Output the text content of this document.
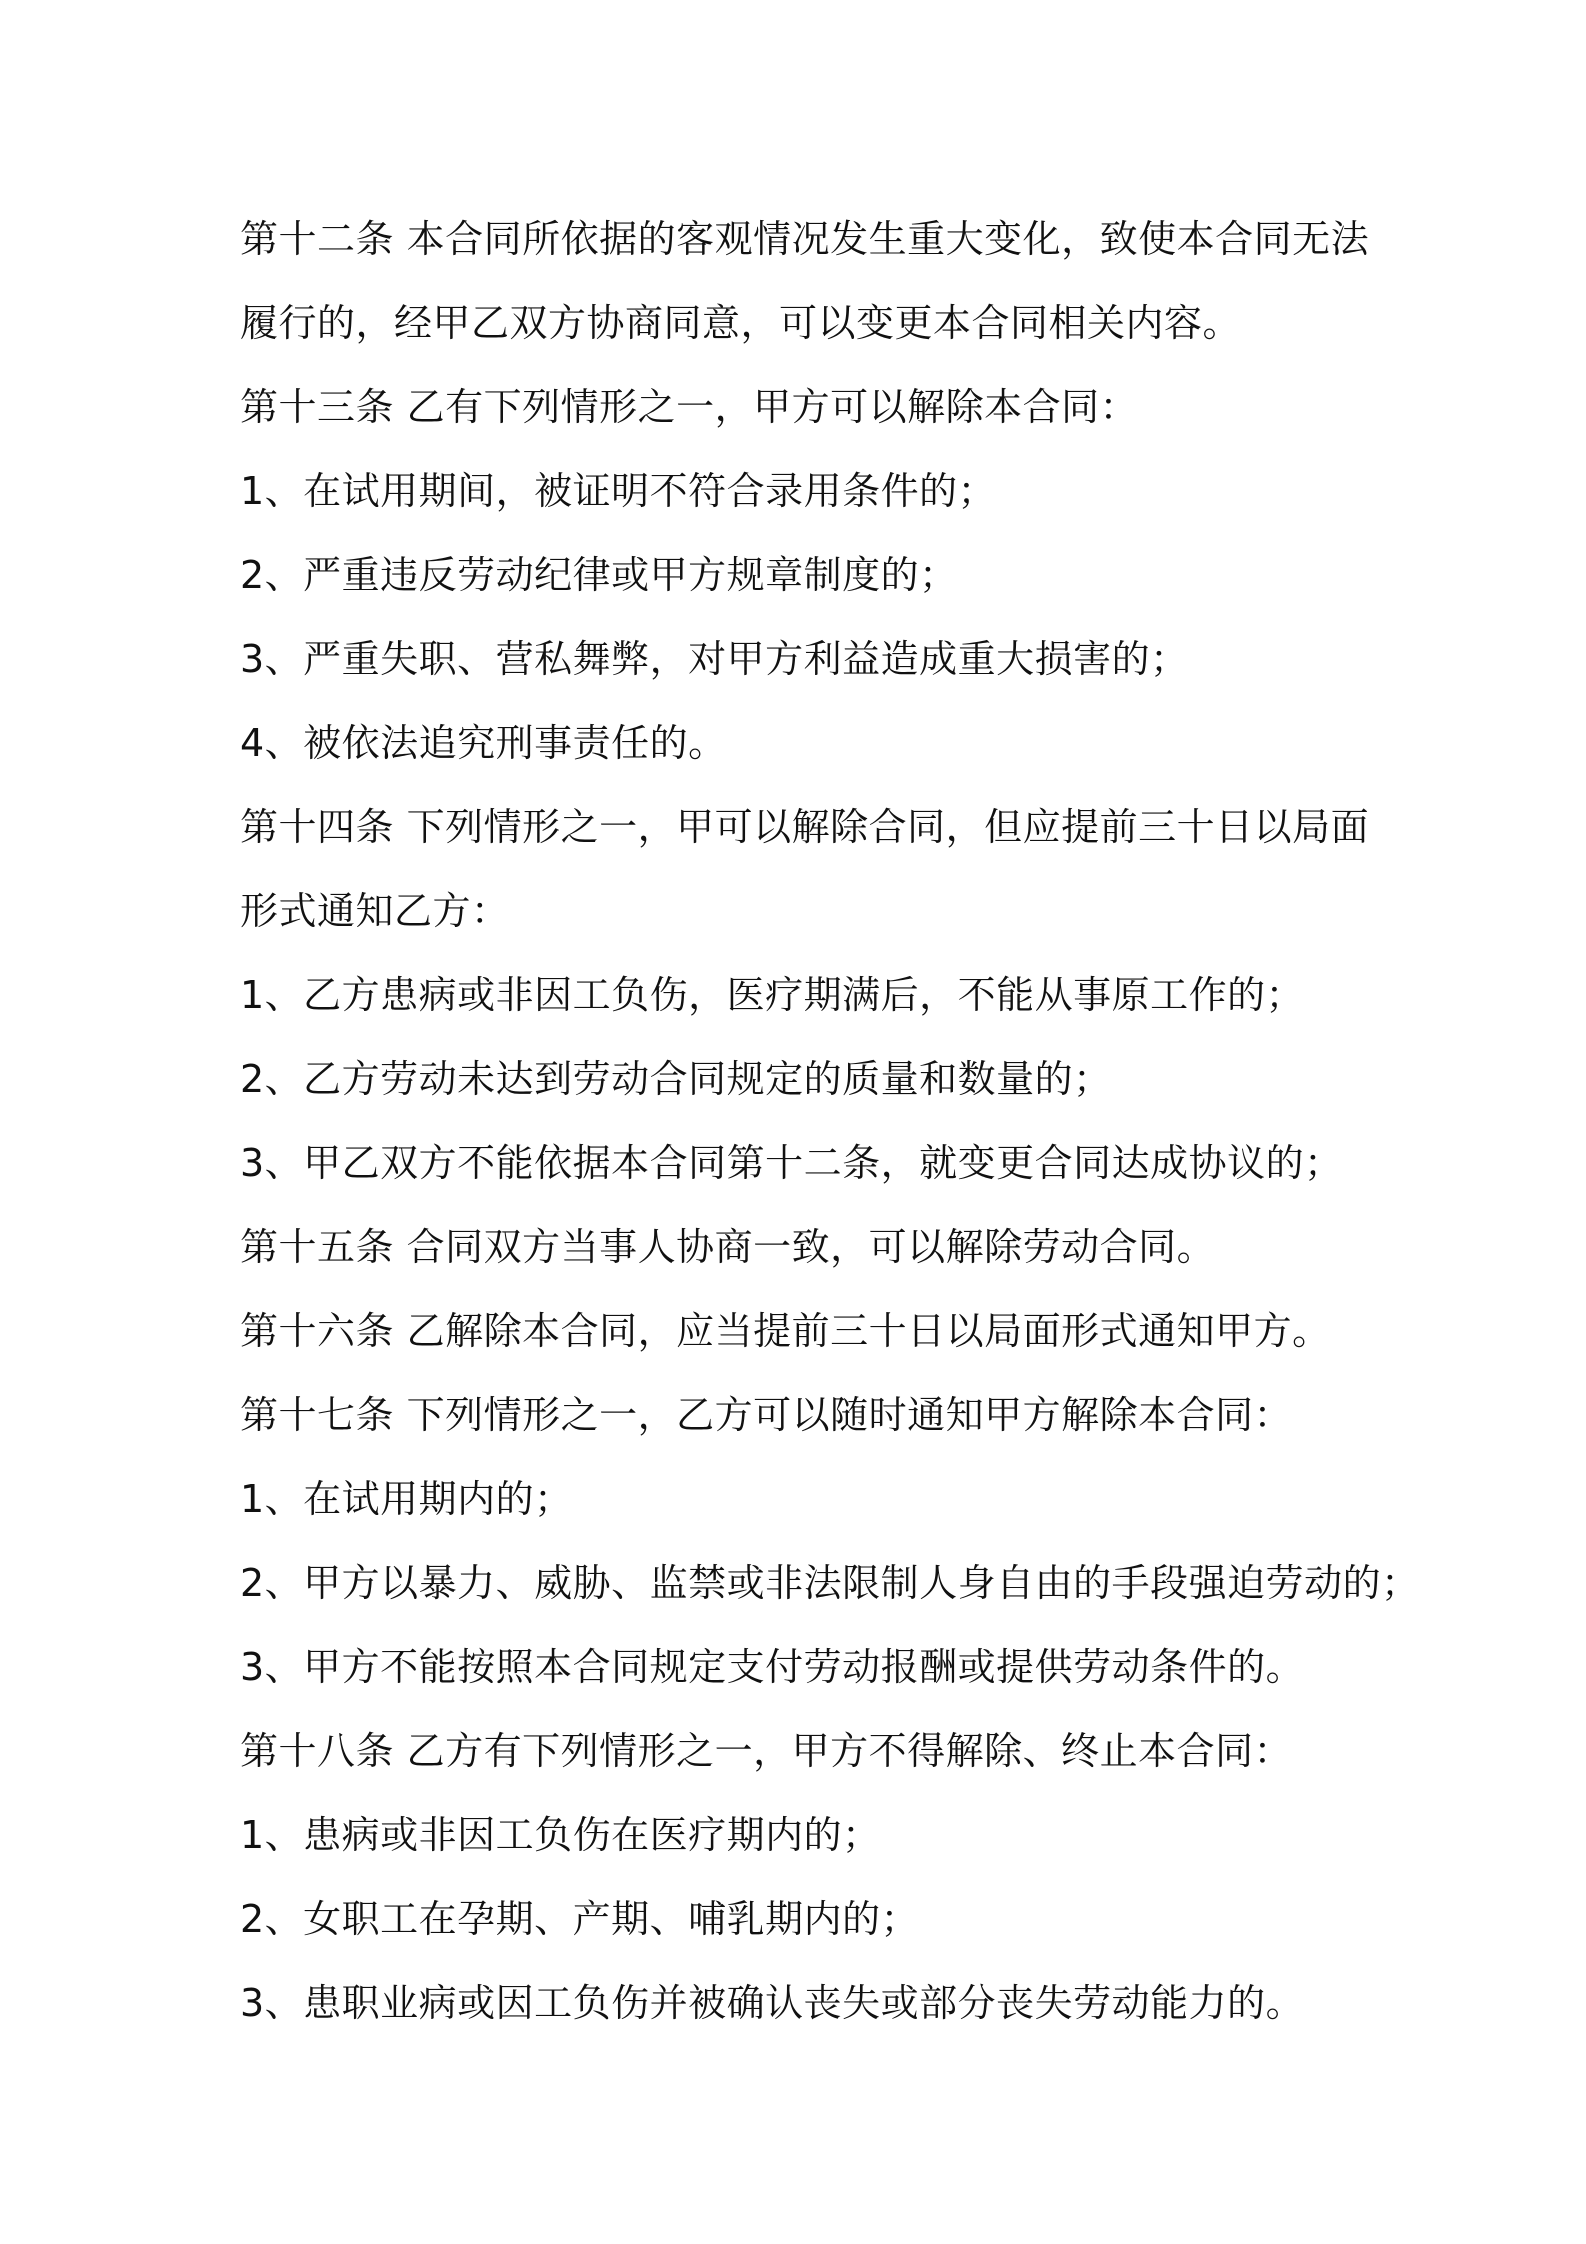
第十二条 本合同所依据的客观情况发生重大变化，致使本合同无法
履行的，经甲乙双方协商同意，可以变更本合同相关内容。
第十三条 乙有下列情形之一，甲方可以解除本合同：
1、在试用期间，被证明不符合录用条件的；
2、严重违反劳动纪律或甲方规章制度的；
3、严重失职、营私舞弊，对甲方利益造成重大损害的；
4、被依法追究刑事责任的。
第十四条 下列情形之一，甲可以解除合同，但应提前三十日以局面
形式通知乙方：
1、乙方患病或非因工负伤，医疗期满后，不能从事原工作的；
2、乙方劳动未达到劳动合同规定的质量和数量的；
3、甲乙双方不能依据本合同第十二条，就变更合同达成协议的；
第十五条 合同双方当事人协商一致，可以解除劳动合同。
第十六条 乙解除本合同，应当提前三十日以局面形式通知甲方。
第十七条 下列情形之一，乙方可以随时通知甲方解除本合同：
1、在试用期内的；
2、甲方以暴力、威胁、监禁或非法限制人身自由的手段强迫劳动的；
3、甲方不能按照本合同规定支付劳动报酬或提供劳动条件的。
第十八条 乙方有下列情形之一，甲方不得解除、终止本合同：
1、患病或非因工负伤在医疗期内的；
2、女职工在孕期、产期、哺乳期内的；
3、患职业病或因工负伤并被确认丧失或部分丧失劳动能力的。
